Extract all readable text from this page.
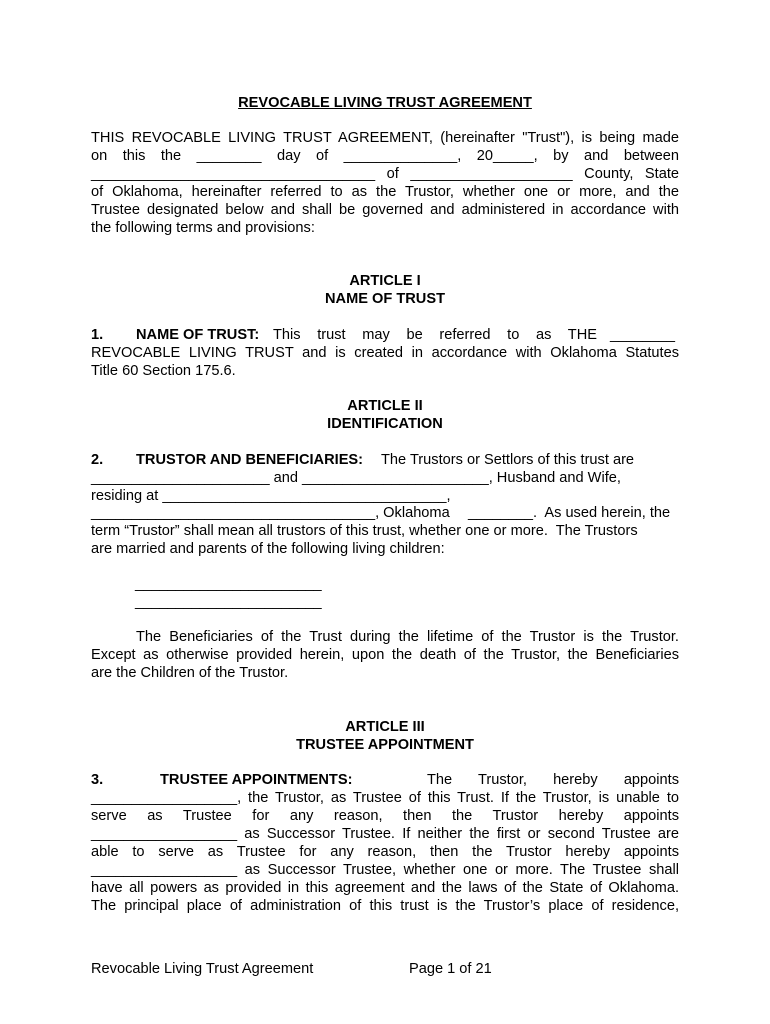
REVOCABLE LIVING TRUST AGREEMENT
THIS REVOCABLE LIVING TRUST AGREEMENT, (hereinafter "Trust"), is being made
on this the ________ day of ______________, 20_____, by and between
___________________________________ of ____________________ County, State
of Oklahoma, hereinafter referred to as the Trustor, whether one or more, and the
Trustee designated below and shall be governed and administered in accordance with
the following terms and provisions:
ARTICLE I
NAME OF TRUST
1. NAME OF TRUST: This trust may be referred to as THE ________
REVOCABLE LIVING TRUST and is created in accordance with Oklahoma Statutes
Title 60 Section 175.6.
ARTICLE II
IDENTIFICATION
2. TRUSTOR AND BENEFICIARIES: The Trustors or Settlors of this trust are
______________________ and _______________________, Husband and Wife,
residing at ___________________________________,
___________________________________, Oklahoma ________ .  As used herein, the
term “Trustor” shall mean all trustors of this trust, whether one or more.  The Trustors
are married and parents of the following living children:
_______________________
_______________________
The Beneficiaries of the Trust during the lifetime of the Trustor is the Trustor.
Except as otherwise provided herein, upon the death of the Trustor, the Beneficiaries
are the Children of the Trustor.
ARTICLE III
TRUSTEE APPOINTMENT
3.	TRUSTEE APPOINTMENTS:	The Trustor, hereby appoints
__________________, the Trustor, as Trustee of this Trust. If the Trustor, is unable to
serve as Trustee for any reason, then the Trustor hereby appoints
__________________ as Successor Trustee. If neither the first or second Trustee are
able to serve as Trustee for any reason, then the Trustor hereby appoints
__________________ as Successor Trustee, whether one or more. The Trustee shall
have all powers as provided in this agreement and the laws of the State of Oklahoma.
The principal place of administration of this trust is the Trustor’s place of residence,
Revocable Living Trust Agreement	Page 1 of 21
